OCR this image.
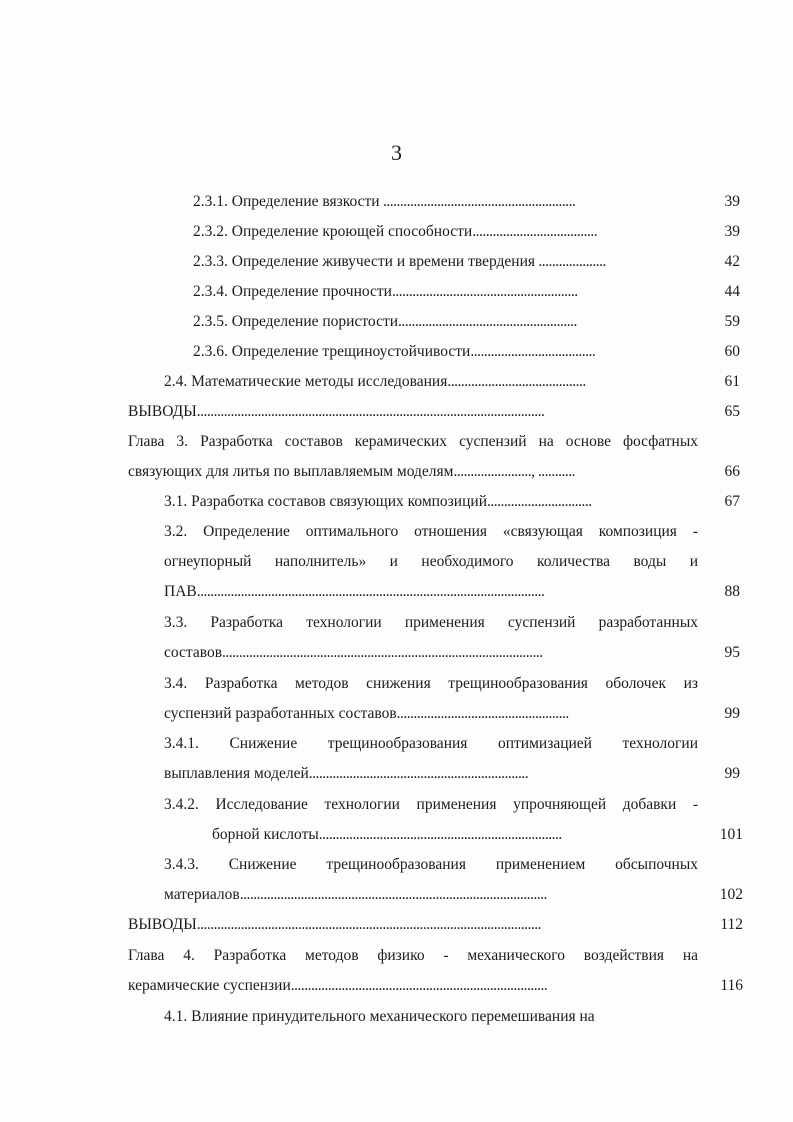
3
2.3.1. Определение вязкости .........................................................	39
2.3.2. Определение кроющей способности.....................................	39
2.3.3. Определение живучести и времени твердения ....................	42
2.3.4. Определение прочности.......................................................	44
2.3.5. Определение пористости.....................................................	59
2.3.6. Определение трещиноустойчивости.....................................	60
2.4. Математические методы исследования.........................................	61
ВЫВОДЫ.......................................................................................................	65
Глава 3. Разработка составов керамических суспензий на основе фосфатных
связующих для литья по выплавляемым моделям......................., ...........	66
3.1. Разработка составов связующих композиций...............................	67
3.2. Определение оптимального отношения «связующая композиция -
огнеупорный наполнитель» и необходимого количества воды и
ПАВ.......................................................................................................	88
3.3. Разработка технологии применения суспензий разработанных
составов...............................................................................................	95
3.4. Разработка методов снижения трещинообразования оболочек из
суспензий разработанных составов...................................................	99
3.4.1. Снижение трещинообразования оптимизацией технологии
выплавления моделей.................................................................	99
3.4.2. Исследование технологии применения упрочняющей добавки -
борной кислоты........................................................................	101
3.4.3. Снижение трещинообразования применением обсыпочных
материалов...........................................................................................	102
ВЫВОДЫ......................................................................................................	112
Глава 4. Разработка методов физико - механического воздействия на
керамические суспензии............................................................................	116
4.1. Влияние принудительного механического перемешивания на
